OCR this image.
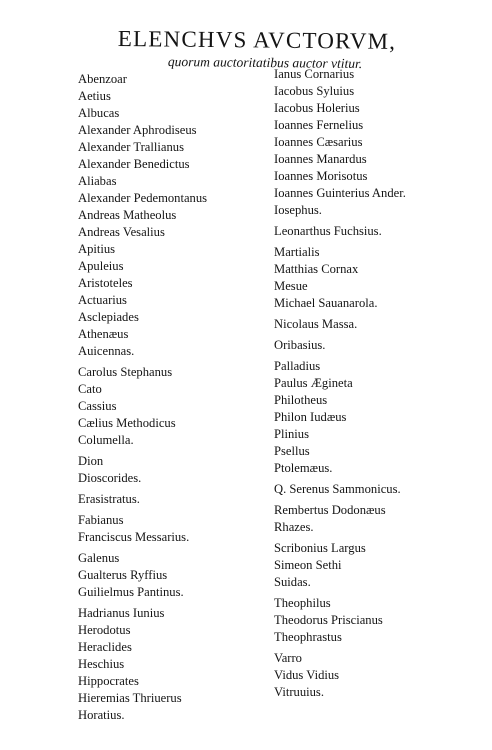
ELENCHVS AVCTORVM,
quorum auctoritatibus auctor vtitur.
Abenzoar
Aetius
Albucas
Alexander Aphrodiseus
Alexander Trallianus
Alexander Benedictus
Aliabas
Alexander Pedemontanus
Andreas Matheolus
Andreas Vesalius
Apitius
Apuleius
Aristoteles
Actuarius
Asclepiades
Athenæus
Auicennas.
Carolus Stephanus
Cato
Cassius
Cælius Methodicus
Columella.
Dion
Dioscorides.
Erasistratus.
Fabianus
Franciscus Messarius.
Galenus
Gualterus Ryffius
Guilielmus Pantinus.
Hadrianus Iunius
Herodotus
Heraclides
Heschius
Hippocrates
Hieremias Thriuerus
Horatius.
Ianus Cornarius
Iacobus Syluius
Iacobus Holerius
Ioannes Fernelius
Ioannes Cæsarius
Ioannes Manardus
Ioannes Morisotus
Ioannes Guinterius Ander.
Iosephus.
Leonarthus Fuchsius.
Martialis
Matthias Cornax
Mesue
Michael Sauanarola.
Nicolaus Massa.
Oribasius.
Palladius
Paulus Ægineta
Philotheus
Philon Iudæus
Plinius
Psellus
Ptolemæus.
Q. Serenus Sammonicus.
Rembertus Dodonæus
Rhazes.
Scribonius Largus
Simeon Sethi
Suidas.
Theophilus
Theodorus Priscianus
Theophrastus
Varro
Vidus Vidius
Vitruuius.
